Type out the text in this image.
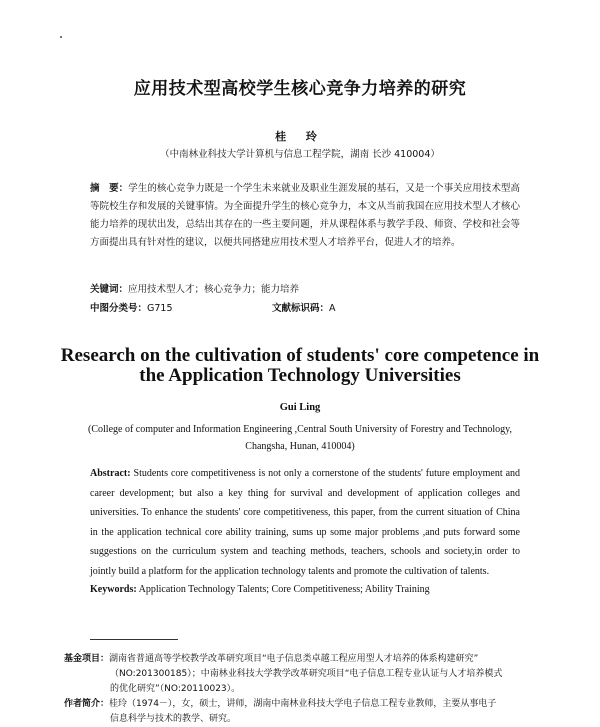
应用技术型高校学生核心竞争力培养的研究
桂 玲
（中南林业科技大学计算机与信息工程学院，湖南 长沙 410004）
摘　要：学生的核心竞争力既是一个学生未来就业及职业生涯发展的基石，又是一个事关应用技术型高等院校生存和发展的关键事情。为全面提升学生的核心竞争力，本文从当前我国在应用技术型人才核心能力培养的现状出发，总结出其存在的一些主要问题，并从课程体系与教学手段、师资、学校和社会等方面提出具有针对性的建议，以便共同搭建应用技术型人才培养平台，促进人才的培养。
关键词：应用技术型人才；核心竞争力；能力培养
中图分类号：G715	文献标识码：A
Research on the cultivation of students' core competence in the Application Technology Universities
Gui Ling
(College of computer and Information Engineering ,Central South University of Forestry and Technology, Changsha, Hunan, 410004)
Abstract: Students core competitiveness is not only a cornerstone of the students' future employment and career development; but also a key thing for survival and development of application colleges and universities. To enhance the students' core competitiveness, this paper, from the current situation of China in the application technical core ability training, sums up some major problems ,and puts forward some suggestions on the curriculum system and teaching methods, teachers, schools and society,in order to jointly build a platform for the application technology talents and promote the cultivation of talents.
Keywords: Application Technology Talents; Core Competitiveness; Ability Training
基金项目：湖南省普通高等学校教学改革研究项目“电子信息类卓越工程应用型人才培养的体系构建研究”
（NO:201300185）；中南林业科技大学教学改革研究项目“电子信息工程专业认证与人才培养模式
的优化研究”（NO:20110023）。
作者简介：桂玲（1974－），女，硕士，讲师，湖南中南林业科技大学电子信息工程专业教师，主要从事电子
信息科学与技术的教学、研究。
